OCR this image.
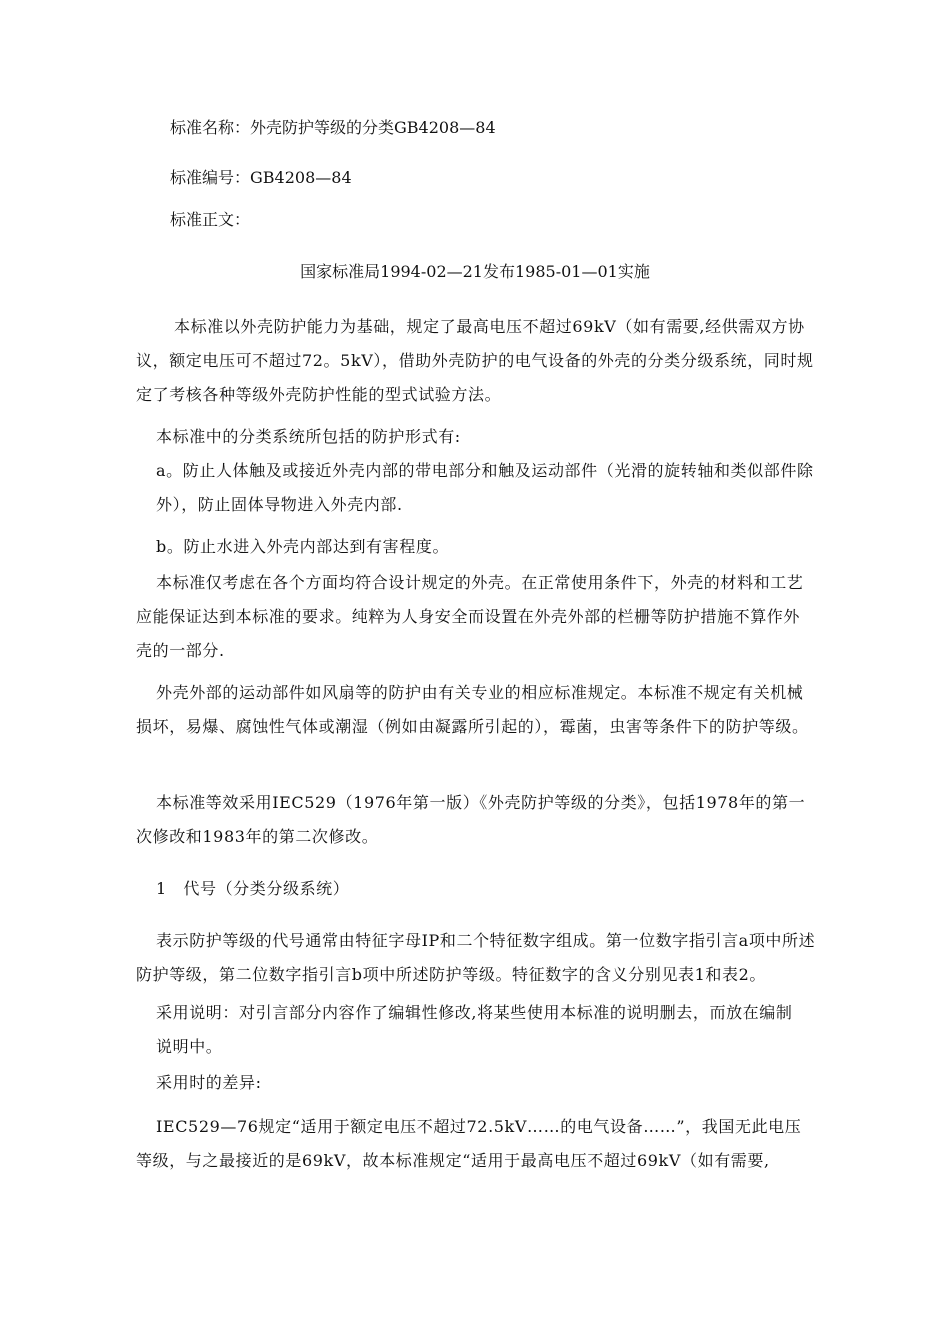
标准名称：外壳防护等级的分类GB4208—84
标准编号：GB4208—84
标准正文：
国家标准局1994-02—21发布1985-01—01实施
本标准以外壳防护能力为基础，规定了最高电压不超过69kV（如有需要,经供需双方协议，额定电压可不超过72。5kV），借助外壳防护的电气设备的外壳的分类分级系统，同时规定了考核各种等级外壳防护性能的型式试验方法。
本标准中的分类系统所包括的防护形式有:
a。防止人体触及或接近外壳内部的带电部分和触及运动部件（光滑的旋转轴和类似部件除外），防止固体导物进入外壳内部.
b。防止水进入外壳内部达到有害程度。
本标准仅考虑在各个方面均符合设计规定的外壳。在正常使用条件下，外壳的材料和工艺应能保证达到本标准的要求。纯粹为人身安全而设置在外壳外部的栏栅等防护措施不算作外壳的一部分.
外壳外部的运动部件如风扇等的防护由有关专业的相应标准规定。本标准不规定有关机械损坏，易爆、腐蚀性气体或潮湿（例如由凝露所引起的），霉菌，虫害等条件下的防护等级。
本标准等效采用IEC529（1976年第一版）《外壳防护等级的分类》，包括1978年的第一次修改和1983年的第二次修改。
1　代号（分类分级系统）
表示防护等级的代号通常由特征字母IP和二个特征数字组成。第一位数字指引言a项中所述防护等级，第二位数字指引言b项中所述防护等级。特征数字的含义分别见表1和表2。
采用说明：对引言部分内容作了编辑性修改,将某些使用本标准的说明删去，而放在编制
说明中。
采用时的差异:
IEC529—76规定“适用于额定电压不超过72.5kV……的电气设备……”，我国无此电压等级，与之最接近的是69kV，故本标准规定“适用于最高电压不超过69kV（如有需要,
